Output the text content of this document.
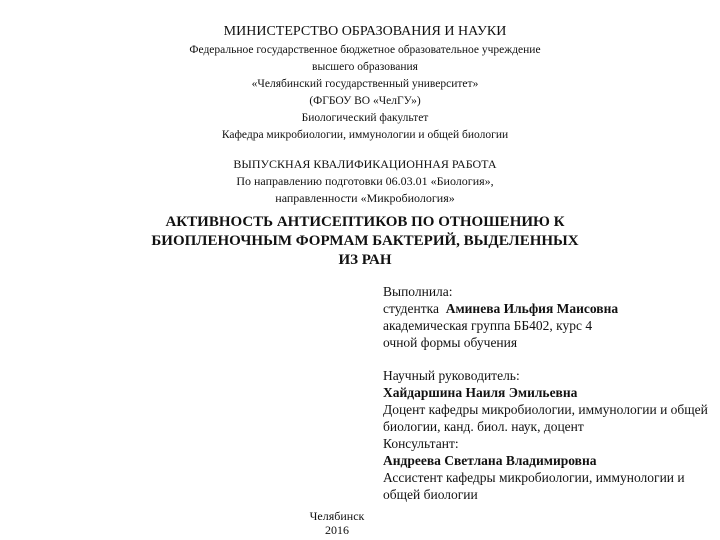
МИНИСТЕРСТВО ОБРАЗОВАНИЯ И НАУКИ
Федеральное государственное бюджетное образовательное учреждение
высшего образования
«Челябинский государственный университет»
(ФГБОУ ВО «ЧелГУ»)
Биологический факультет
Кафедра микробиологии, иммунологии и общей биологии
ВЫПУСКНАЯ КВАЛИФИКАЦИОННАЯ РАБОТА
По направлению подготовки 06.03.01 «Биология»,
направленности «Микробиология»
АКТИВНОСТЬ АНТИСЕПТИКОВ ПО ОТНОШЕНИЮ К
БИОПЛЕНОЧНЫМ ФОРМАМ БАКТЕРИЙ, ВЫДЕЛЕННЫХ
ИЗ РАН
Выполнила:
студентка Аминева Ильфия Маисовна
академическая группа ББ402, курс 4
очной формы обучения
Научный руководитель:
Хайдаршина Наиля Эмильевна
Доцент кафедры микробиологии, иммунологии и общей
биологии, канд. биол. наук, доцент
Консультант:
Андреева Светлана Владимировна
Ассистент кафедры микробиологии, иммунологии и
общей биологии
Челябинск
2016
